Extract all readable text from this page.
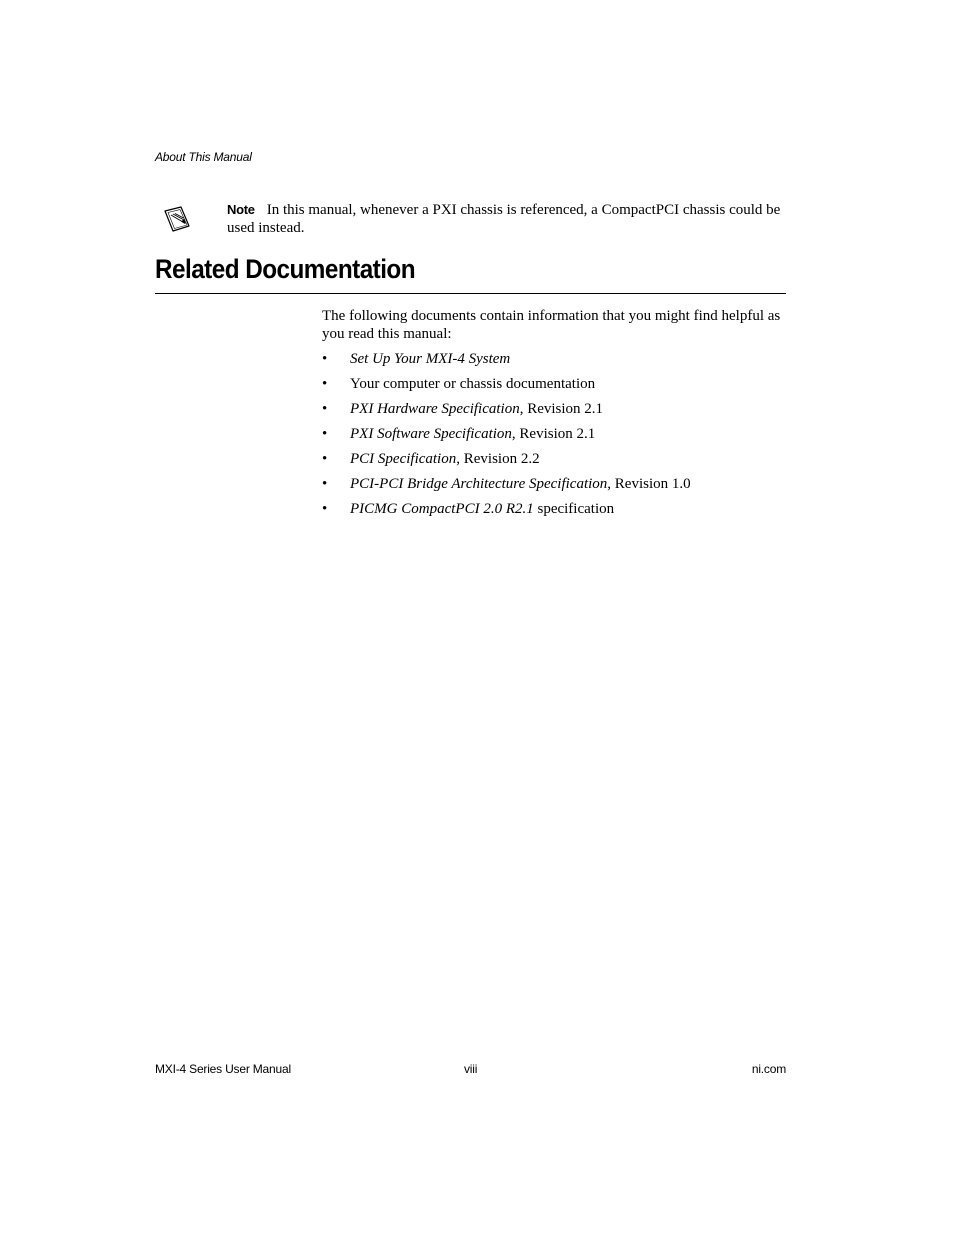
About This Manual
Note In this manual, whenever a PXI chassis is referenced, a CompactPCI chassis could be used instead.
Related Documentation

The following documents contain information that you might find helpful as you read this manual:

• Set Up Your MXI-4 System
• Your computer or chassis documentation
• PXI Hardware Specification, Revision 2.1
• PXI Software Specification, Revision 2.1
• PCI Specification, Revision 2.2
• PCI-PCI Bridge Architecture Specification, Revision 1.0
• PICMG CompactPCI 2.0 R2.1 specification
MXI-4 Series User Manual	viii	ni.com
